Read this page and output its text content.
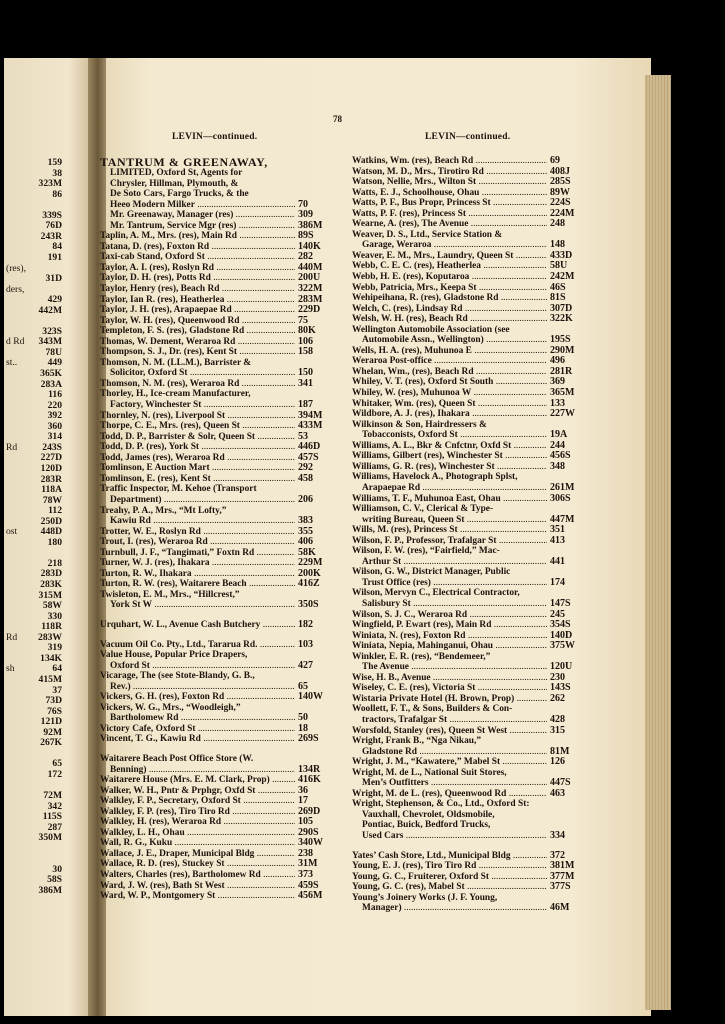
159
38
323M
86
339S
76D
243R
84
191
(res),
31D
ders,
429
442M
323S
d Rd 343M
78U
st..	449
365K
283A
116
220
392
360
314
Rd	243S
227D
120D
283R
118A
78W
112
250D
ost 448D
180
218
283D
283K
315M
58W
330
118R
Rd 283W
319
134K
sh	64
415M
37
73D
76S
121D
92M
267K
65
172
72M
342
115S
287
350M
30
58S
386M
78
LEVIN—continued.	LEVIN—continued.
TANTRUM & GREENAWAY,
LIMITED, Oxford St, Agents for
Chrysler, Hillman, Plymouth, &
De Soto Cars, Fargo Trucks, & the
Heeo Modern Milker .....	70
Mr. Greenaway, Manager (res) .....	309
Mr. Tantrum, Service Mgr (res) .....	386M
Taplin, A. M., Mrs. (res), Main Rd .....	89S
Tatana, D. (res), Foxton Rd .....	140K
Taxi-cab Stand, Oxford St .....	282
Taylor, A. I. (res), Roslyn Rd .....	440M
Taylor, D. H. (res), Potts Rd .....	200U
Taylor, Henry (res), Beach Rd .....	322M
Taylor, Ian R. (res), Heatherlea .....	283M
Taylor, J. H. (res), Arapaepae Rd .....	229D
Taylor, W. H. (res), Queenwood Rd .....	75
Templeton, F. S. (res), Gladstone Rd .....	80K
Thomas, W. Dement, Weraroa Rd .....	106
Thompson, S. J., Dr. (res), Kent St .....	158
Thomson, N. M. (LL.M.), Barrister &
Solicitor, Oxford St .....	150
Thomson, N. M. (res), Weraroa Rd .....	341
Thorley, H., Ice-cream Manufacturer,
Factory, Winchester St .....	187
Thornley, N. (res), Liverpool St .....	394M
Thorpe, C. E., Mrs. (res), Queen St .....	433M
Todd, D. P., Barrister & Solr, Queen St .....	53
Todd, D. P. (res), York St .....	446D
Todd, James (res), Weraroa Rd .....	457S
Tomlinson, E Auction Mart .....	292
Tomlinson, E. (res), Kent St .....	458
Traffic Inspector, M. Kehoe (Transport
Department) .....	206
Treahy, P. A., Mrs., “Mt Lofty,”
Kawiu Rd .....	383
Trotter, W. E., Roslyn Rd .....	355
Trout, I. (res), Weraroa Rd .....	406
Turnbull, J. F., “Tangimati,” Foxtn Rd .....	58K
Turner, W. J. (res), Ihakara .....	229M
Turton, R. W., Ihakara .....	200K
Turton, R. W. (res), Waitarere Beach .....	416Z
Twisleton, E. M., Mrs., “Hillcrest,”
York St W .....	350S
Urquhart, W. L., Avenue Cash Butchery .....	182
Vacuum Oil Co. Pty., Ltd., Tararua Rd. .....	103
Value House, Popular Price Drapers,
Oxford St .....	427
Vicarage, The (see Stote-Blandy, G. B.,
Rev.) .....	65
Vickers, G. H. (res), Foxton Rd .....	140W
Vickers, W. G., Mrs., “Woodleigh,”
Bartholomew Rd .....	50
Victory Cafe, Oxford St .....	18
Vincent, T. G., Kawiu Rd .....	269S
Waitarere Beach Post Office Store (W.
Benning) .....	134R
Waitarere House (Mrs. E. M. Clark, Prop) .....	416K
Walker, W. H., Pntr & Prphgr, Oxfd St .....	36
Walkley, F. P., Secretary, Oxford St .....	17
Walkley, F. P. (res), Tiro Tiro Rd .....	269D
Walkley, H. (res), Weraroa Rd .....	105
Walkley, L. H., Ohau .....	290S
Wall, R. G., Kuku .....	340W
Wallace, J. E., Draper, Municipal Bldg .....	238
Wallace, R. D. (res), Stuckey St .....	31M
Walters, Charles (res), Bartholomew Rd .....	373
Ward, J. W. (res), Bath St West .....	459S
Ward, W. P., Montgomery St .....	456M
Watkins, Wm. (res), Beach Rd .....	69
Watson, M. D., Mrs., Tirotiro Rd .....	408J
Watson, Nellie, Mrs., Wilton St .....	285S
Watts, E. J., Schoolhouse, Ohau .....	89W
Watts, P. F., Bus Propr, Princess St .....	224S
Watts, P. F. (res), Princess St .....	224M
Wearne, A. (res), The Avenue .....	248
Weaver, D. S., Ltd., Service Station &
Garage, Weraroa .....	148
Weaver, E. M., Mrs., Laundry, Queen St .....	433D
Webb, C. E. C. (res), Heatherlea .....	58U
Webb, H. E. (res), Koputaroa .....	242M
Webb, Patricia, Mrs., Keepa St .....	46S
Wehipeihana, R. (res), Gladstone Rd .....	81S
Welch, C. (res), Lindsay Rd .....	307D
Welsh, W. H. (res), Beach Rd .....	322K
Wellington Automobile Association (see
Automobile Assn., Wellington) .....	195S
Wells, H. A. (res), Muhunoa E .....	290M
Weraroa Post-office .....	496
Whelan, Wm., (res), Beach Rd .....	281R
Whiley, V. T. (res), Oxford St South .....	369
Whiley, W. (res), Muhunoa W .....	365M
Whitaker, Wm. (res), Queen St .....	133
Wildbore, A. J. (res), Ihakara .....	227W
Wilkinson & Son, Hairdressers &
Tobacconists, Oxford St .....	19A
Williams, A. L., Bkr & Cnfctnr, Oxfd St .....	244
Williams, Gilbert (res), Winchester St .....	456S
Williams, G. R. (res), Winchester St .....	348
Williams, Havelock A., Photograph Splst,
Arapaepae Rd .....	261M
Williams, T. F., Muhunoa East, Ohau .....	306S
Williamson, C. V., Clerical & Type-
writing Bureau, Queen St .....	447M
Wills, M. (res), Princess St .....	351
Wilson, F. P., Professor, Trafalgar St .....	413
Wilson, F. W. (res), “Fairfield,” Mac-
Arthur St .....	441
Wilson, G. W., District Manager, Public
Trust Office (res) .....	174
Wilson, Mervyn C., Electrical Contractor,
Salisbury St .....	147S
Wilson, S. J. C., Weraroa Rd .....	245
Wingfield, P. Ewart (res), Main Rd .....	354S
Winiata, N. (res), Foxton Rd .....	140D
Winiata, Nepia, Mahinganui, Ohau .....	375W
Winkler, E. R. (res), “Bendemeer,”
The Avenue .....	120U
Wise, H. B., Avenue .....	230
Wiseley, C. E. (res), Victoria St .....	143S
Wistaria Private Hotel (H. Brown, Prop) .....	262
Woollett, F. T., & Sons, Builders & Con-
tractors, Trafalgar St .....	428
Worsfold, Stanley (res), Queen St West .....	315
Wright, Frank B., “Nga Nikau,”
Gladstone Rd .....	81M
Wright, J. M., “Kawatere,” Mabel St .....	126
Wright, M. de L., National Suit Stores,
Men’s Outfitters .....	447S
Wright, M. de L. (res), Queenwood Rd .....	463
Wright, Stephenson, & Co., Ltd., Oxford St:
Vauxhall, Chevrolet, Oldsmobile,
Pontiac, Buick, Bedford Trucks,
Used Cars .....	334
Yates’ Cash Store, Ltd., Municipal Bldg .....	372
Young, E. J. (res), Tiro Tiro Rd .....	381M
Young, G. C., Fruiterer, Oxford St .....	377M
Young, G. C. (res), Mabel St .....	377S
Young’s Joinery Works (J. F. Young,
Manager) .....	46M
